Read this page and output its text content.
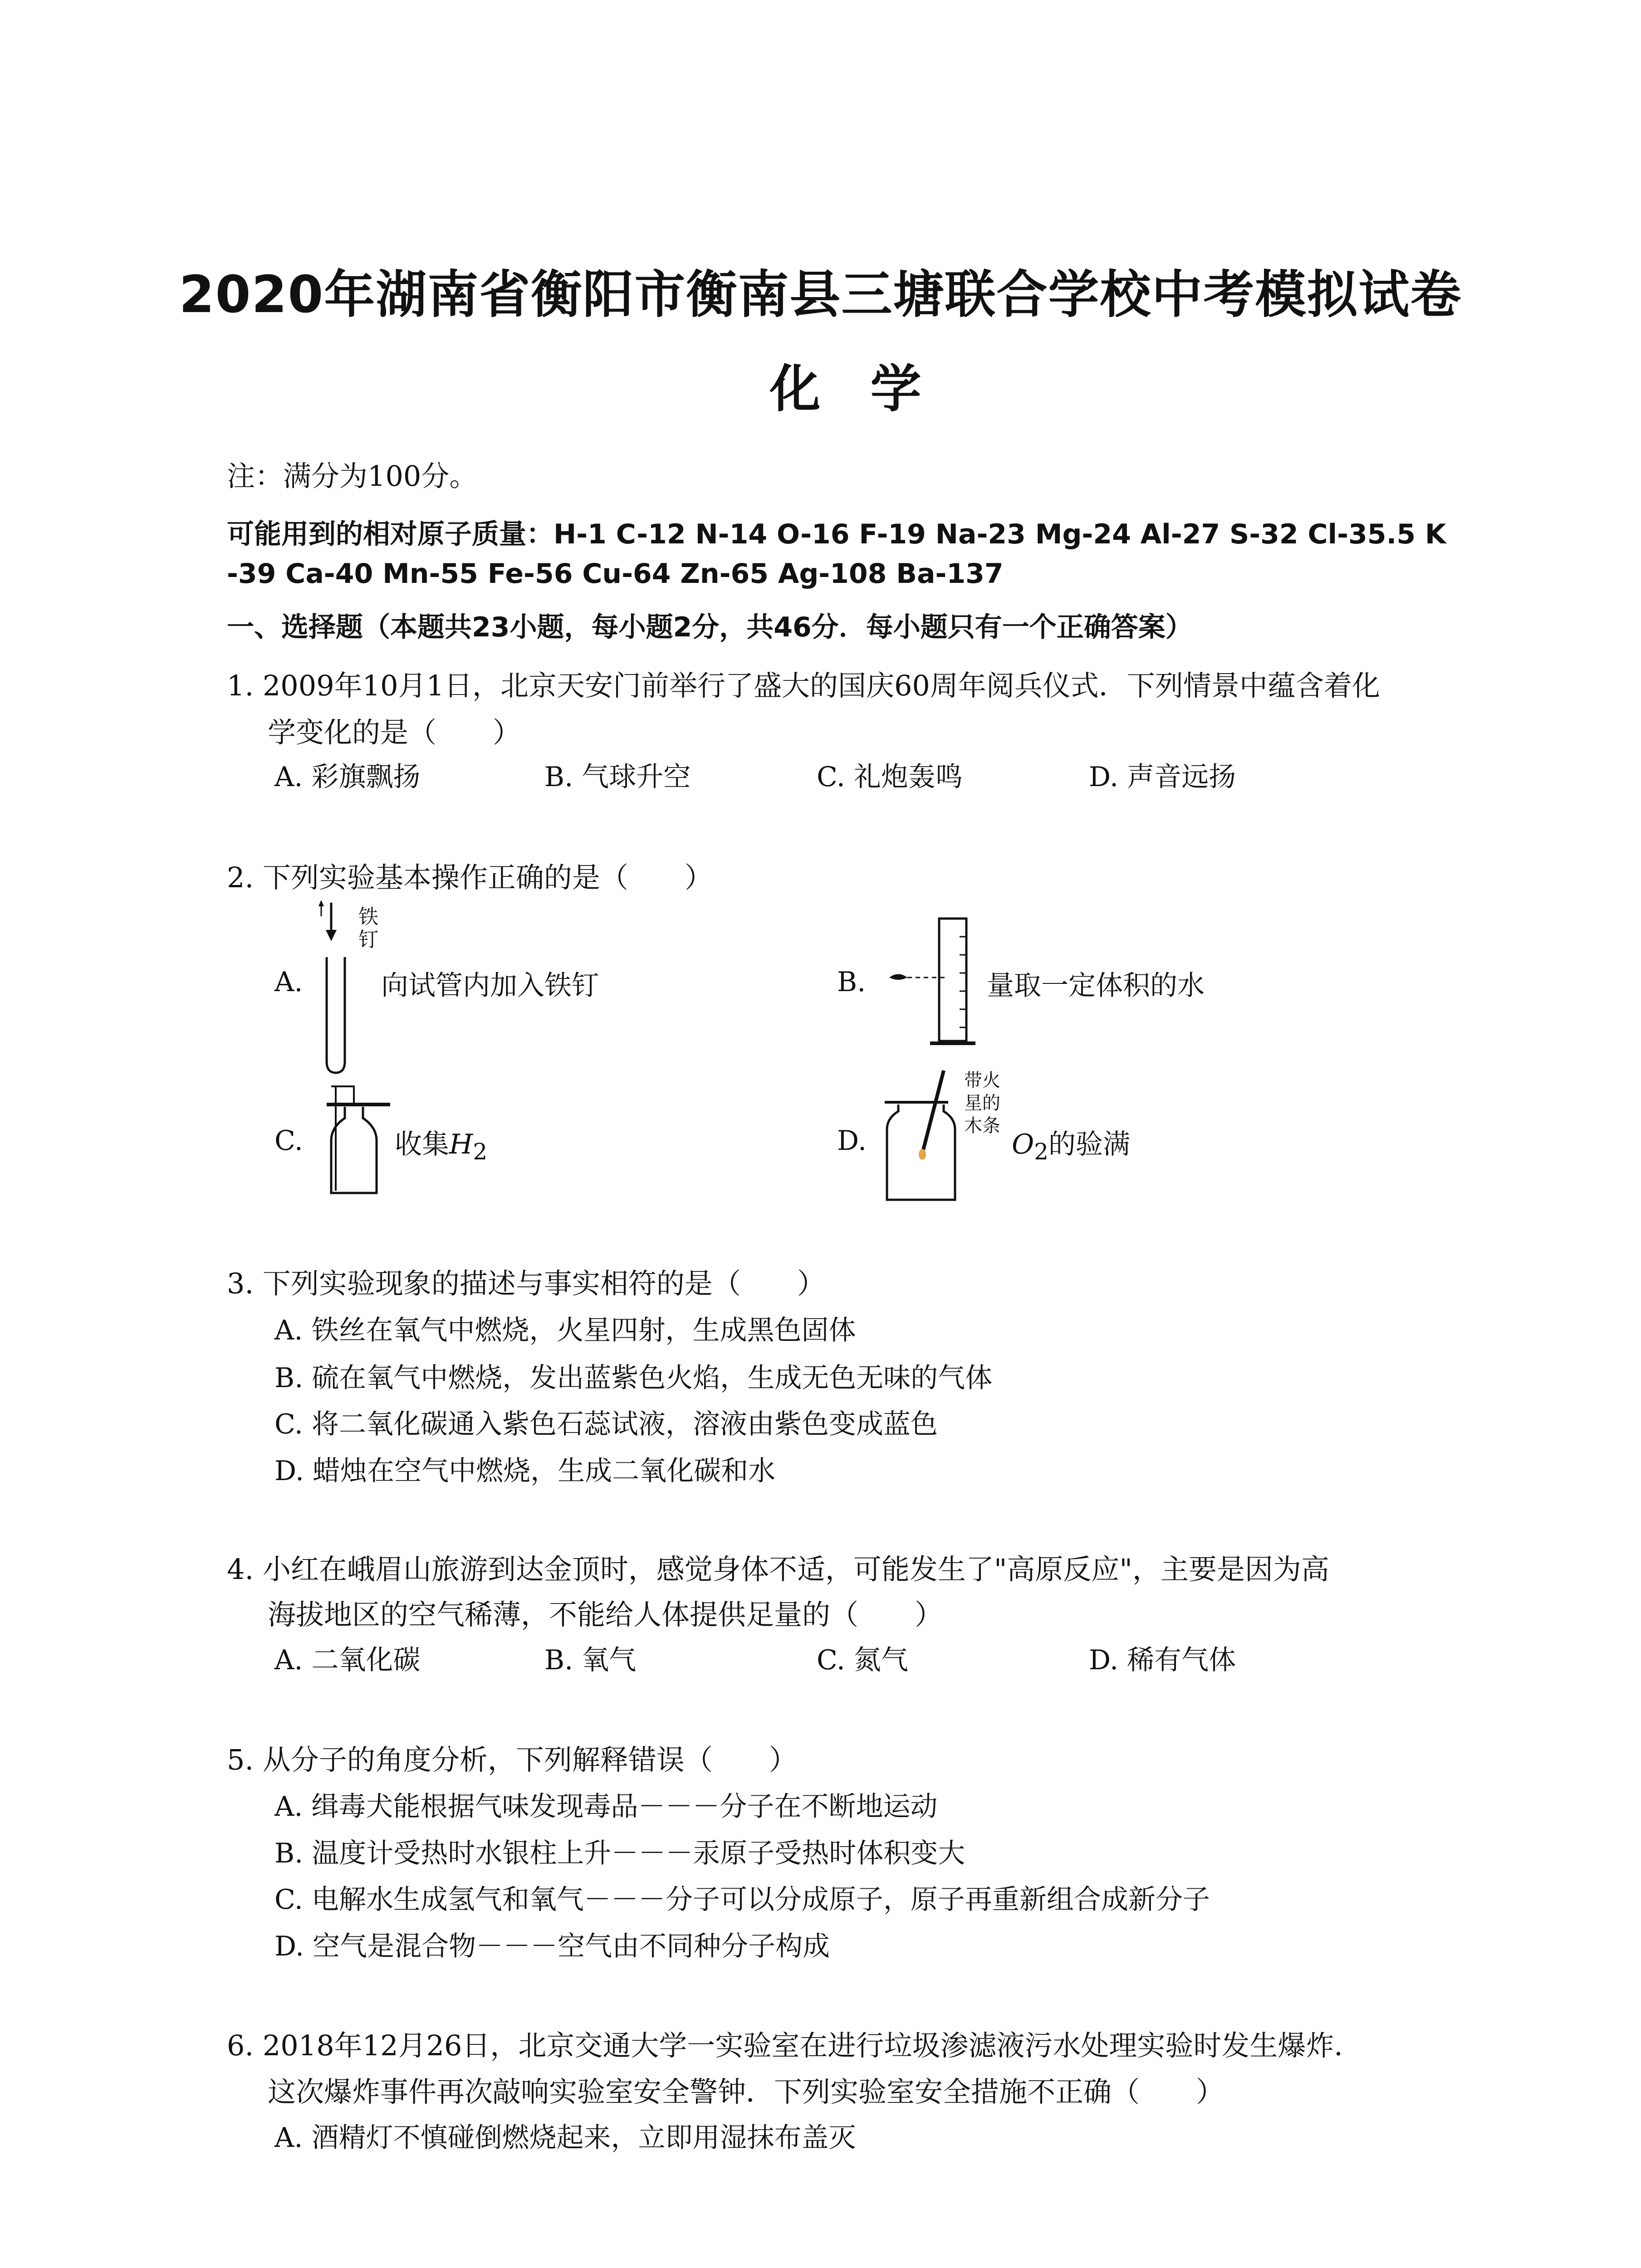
2020年湖南省衡阳市衡南县三塘联合学校中考模拟试卷
化学
注：满分为100分。
可能用到的相对原子质量：H-1 C-12 N-14 O-16 F-19 Na-23 Mg-24 Al-27 S-32 Cl-35.5 K
-39 Ca-40 Mn-55 Fe-56 Cu-64 Zn-65 Ag-108 Ba-137
一、选择题（本题共23小题，每小题2分，共46分．每小题只有一个正确答案）
1. 2009年10月1日，北京天安门前举行了盛大的国庆60周年阅兵仪式．下列情景中蕴含着化
学变化的是（　　）
A. 彩旗飘扬	B. 气球升空	C. 礼炮轰鸣	D. 声音远扬
2. 下列实验基本操作正确的是（　　）
A.
铁
钉
向试管内加入铁钉	B.	量取一定体积的水
C.	收集$H_2$	D.
带火
星的
木条
$O_2$的验满
3. 下列实验现象的描述与事实相符的是（　　）
A. 铁丝在氧气中燃烧，火星四射，生成黑色固体
B. 硫在氧气中燃烧，发出蓝紫色火焰，生成无色无味的气体
C. 将二氧化碳通入紫色石蕊试液，溶液由紫色变成蓝色
D. 蜡烛在空气中燃烧，生成二氧化碳和水
4. 小红在峨眉山旅游到达金顶时，感觉身体不适，可能发生了"高原反应"，主要是因为高
海拔地区的空气稀薄，不能给人体提供足量的（　　）
A. 二氧化碳	B. 氧气	C. 氮气	D. 稀有气体
5. 从分子的角度分析，下列解释错误（　　）
A. 缉毒犬能根据气味发现毒品－－－分子在不断地运动
B. 温度计受热时水银柱上升－－－汞原子受热时体积变大
C. 电解水生成氢气和氧气－－－分子可以分成原子，原子再重新组合成新分子
D. 空气是混合物－－－空气由不同种分子构成
6. 2018年12月26日，北京交通大学一实验室在进行垃圾渗滤液污水处理实验时发生爆炸．
这次爆炸事件再次敲响实验室安全警钟．下列实验室安全措施不正确（　　）
A. 酒精灯不慎碰倒燃烧起来，立即用湿抹布盖灭
